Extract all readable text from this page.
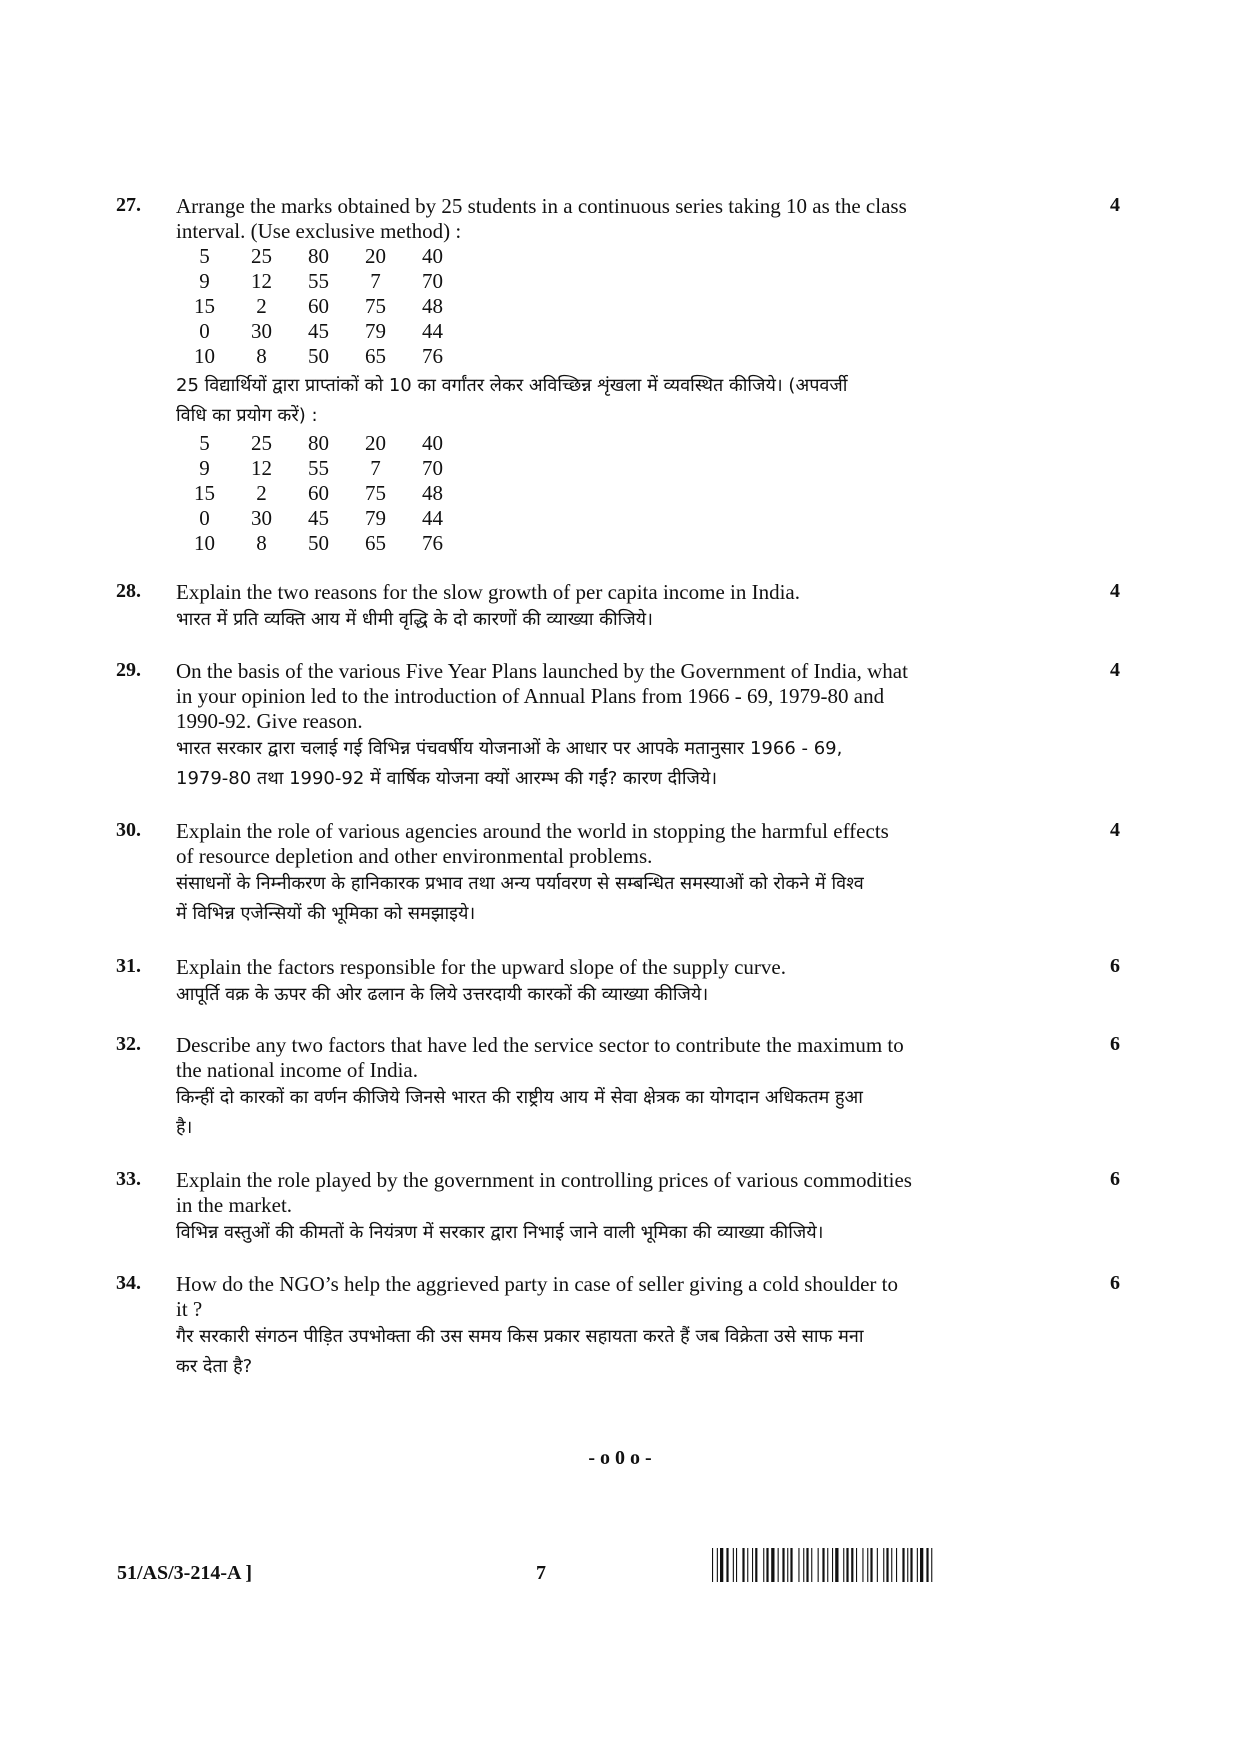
27. Arrange the marks obtained by 25 students in a continuous series taking 10 as the class

interval. (Use exclusive method) :

5	25	80	20	40
9	12	55	7	70
15	2	60	75	48
0	30	45	79	44
10	8	50	65	76

25 विद्यार्थियों द्वारा प्राप्तांकों को 10 का वर्गांतर लेकर अविच्छिन्न शृंखला में व्यवस्थित कीजिये। (अपवर्जी

विधि का प्रयोग करें) :

5	25	80	20	40
9	12	55	7	70
15	2	60	75	48
0	30	45	79	44
10	8	50	65	76
4
28. Explain the two reasons for the slow growth of per capita income in India.

भारत में प्रति व्यक्ति आय में धीमी वृद्धि के दो कारणों की व्याख्या कीजिये।

4
29. On the basis of the various Five Year Plans launched by the Government of India, what

in your opinion led to the introduction of Annual Plans from 1966 - 69, 1979-80 and

1990-92. Give reason.

भारत सरकार द्वारा चलाई गई विभिन्न पंचवर्षीय योजनाओं के आधार पर आपके मतानुसार 1966 - 69,

1979-80 तथा 1990-92 में वार्षिक योजना क्यों आरम्भ की गईं? कारण दीजिये।

4
30. Explain the role of various agencies around the world in stopping the harmful effects

of resource depletion and other environmental problems.

संसाधनों के निम्नीकरण के हानिकारक प्रभाव तथा अन्य पर्यावरण से सम्बन्धित समस्याओं को रोकने में विश्व

में विभिन्न एजेन्सियों की भूमिका को समझाइये।

4
31. Explain the factors responsible for the upward slope of the supply curve.

आपूर्ति वक्र के ऊपर की ओर ढलान के लिये उत्तरदायी कारकों की व्याख्या कीजिये।

6
32. Describe any two factors that have led the service sector to contribute the maximum to

the national income of India.

किन्हीं दो कारकों का वर्णन कीजिये जिनसे भारत की राष्ट्रीय आय में सेवा क्षेत्रक का योगदान अधिकतम हुआ

है।

6
33. Explain the role played by the government in controlling prices of various commodities

in the market.

विभिन्न वस्तुओं की कीमतों के नियंत्रण में सरकार द्वारा निभाई जाने वाली भूमिका की व्याख्या कीजिये।

6
34. How do the NGO’s help the aggrieved party in case of seller giving a cold shoulder to

it ?

गैर सरकारी संगठन पीड़ित उपभोक्ता की उस समय किस प्रकार सहायता करते हैं जब विक्रेता उसे साफ मना

कर देता है?

6
- o 0 o -
51/AS/3-214-A ]	7
